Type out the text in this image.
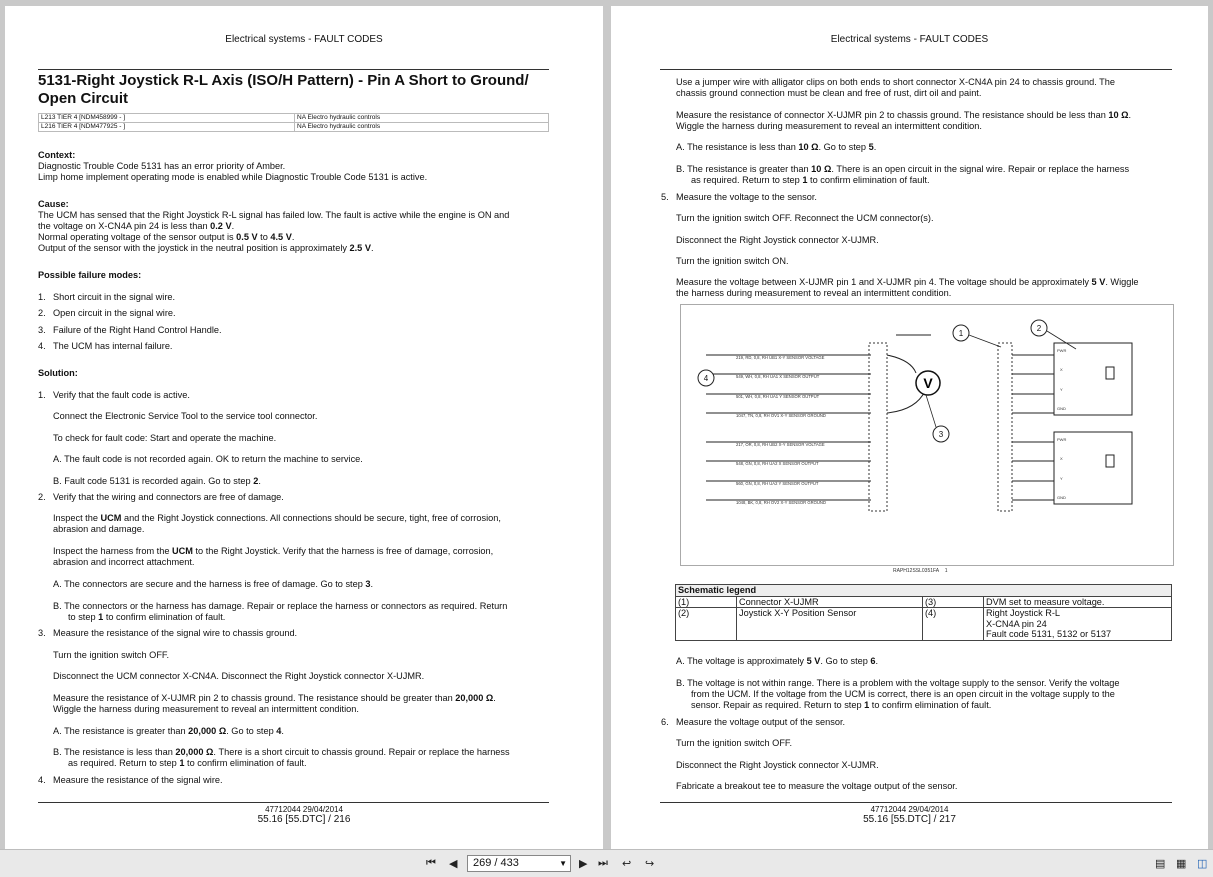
Electrical systems - FAULT CODES
5131-Right Joystick R-L Axis (ISO/H Pattern) - Pin A Short to Ground/ Open Circuit
L213 TIER 4 [NDM458999 - ]	NA Electro hydraulic controls
L216 TIER 4 [NDM477925 - ]	NA Electro hydraulic controls
Context:
Diagnostic Trouble Code 5131 has an error priority of Amber.
Limp home implement operating mode is enabled while Diagnostic Trouble Code 5131 is active.
Cause:
The UCM has sensed that the Right Joystick R-L signal has failed low. The fault is active while the engine is ON and
the voltage on X-CN4A pin 24 is less than 0.2 V.
Normal operating voltage of the sensor output is 0.5 V to 4.5 V.
Output of the sensor with the joystick in the neutral position is approximately 2.5 V.
Possible failure modes:
1. Short circuit in the signal wire.
2. Open circuit in the signal wire.
3. Failure of the Right Hand Control Handle.
4. The UCM has internal failure.
Solution:
1. Verify that the fault code is active.
Connect the Electronic Service Tool to the service tool connector.
To check for fault code: Start and operate the machine.
A. The fault code is not recorded again. OK to return the machine to service.
B. Fault code 5131 is recorded again. Go to step 2.
2. Verify that the wiring and connectors are free of damage.
Inspect the UCM and the Right Joystick connections. All connections should be secure, tight, free of corrosion,
abrasion and damage.
Inspect the harness from the UCM to the Right Joystick. Verify that the harness is free of damage, corrosion,
abrasion and incorrect attachment.
A. The connectors are secure and the harness is free of damage. Go to step 3.
B. The connectors or the harness has damage. Repair or replace the harness or connectors as required. Return
to step 1 to confirm elimination of fault.
3. Measure the resistance of the signal wire to chassis ground.
Turn the ignition switch OFF.
Disconnect the UCM connector X-CN4A. Disconnect the Right Joystick connector X-UJMR.
Measure the resistance of X-UJMR pin 2 to chassis ground. The resistance should be greater than 20,000 Ω.
Wiggle the harness during measurement to reveal an intermittent condition.
A. The resistance is greater than 20,000 Ω. Go to step 4.
B. The resistance is less than 20,000 Ω. There is a short circuit to chassis ground. Repair or replace the harness
as required. Return to step 1 to confirm elimination of fault.
4. Measure the resistance of the signal wire.
47712044 29/04/2014
55.16 [55.DTC] / 216
Electrical systems - FAULT CODES
Use a jumper wire with alligator clips on both ends to short connector X-CN4A pin 24 to chassis ground. The
chassis ground connection must be clean and free of rust, dirt oil and paint.
Measure the resistance of connector X-UJMR pin 2 to chassis ground. The resistance should be less than 10 Ω.
Wiggle the harness during measurement to reveal an intermittent condition.
A. The resistance is less than 10 Ω. Go to step 5.
B. The resistance is greater than 10 Ω. There is an open circuit in the signal wire. Repair or replace the harness
as required. Return to step 1 to confirm elimination of fault.
5. Measure the voltage to the sensor.
Turn the ignition switch OFF. Reconnect the UCM connector(s).
Disconnect the Right Joystick connector X-UJMR.
Turn the ignition switch ON.
Measure the voltage between X-UJMR pin 1 and X-UJMR pin 4. The voltage should be approximately 5 V. Wiggle
the harness during measurement to reveal an intermittent condition.
V
1
2
3
4
219, RD, 0,8, RH UB1 X-Y SENSOR VOLTAGE
549, WH, 0,8, RH UA1 X SENSOR OUTPUT
501, WH, 0,8, RH UA1 Y SENSOR OUTPUT
1047, TN, 0,8, RH OV1 X-Y SENSOR GROUND
217, OR, 0,8, RH UB2 X-Y SENSOR VOLTAGE
548, GN, 0,8, RH UA2 X SENSOR OUTPUT
560, GN, 0,8, RH UA2 Y SENSOR OUTPUT
1048, BK, 0,8, RH OV2 X-Y SENSOR GROUND
PWR
X
Y
GND
PWR
X
Y
GND
RAPH12SSL0351FA 1
Schematic legend			
(1)	Connector X-UJMR	(3)	DVM set to measure voltage.
(2)	Joystick X-Y Position Sensor	(4)	Right Joystick R-L
X-CN4A pin 24
Fault code 5131, 5132 or 5137
A. The voltage is approximately 5 V. Go to step 6.
B. The voltage is not within range. There is a problem with the voltage supply to the sensor. Verify the voltage
from the UCM. If the voltage from the UCM is correct, there is an open circuit in the voltage supply to the
sensor. Repair as required. Return to step 1 to confirm elimination of fault.
6. Measure the voltage output of the sensor.
Turn the ignition switch OFF.
Disconnect the Right Joystick connector X-UJMR.
Fabricate a breakout tee to measure the voltage output of the sensor.
47712044 29/04/2014
55.16 [55.DTC] / 217
⏮ ◀	269 / 433	▼ ▶ ⏭ ↩ ↪	▤ ▦ ◫
